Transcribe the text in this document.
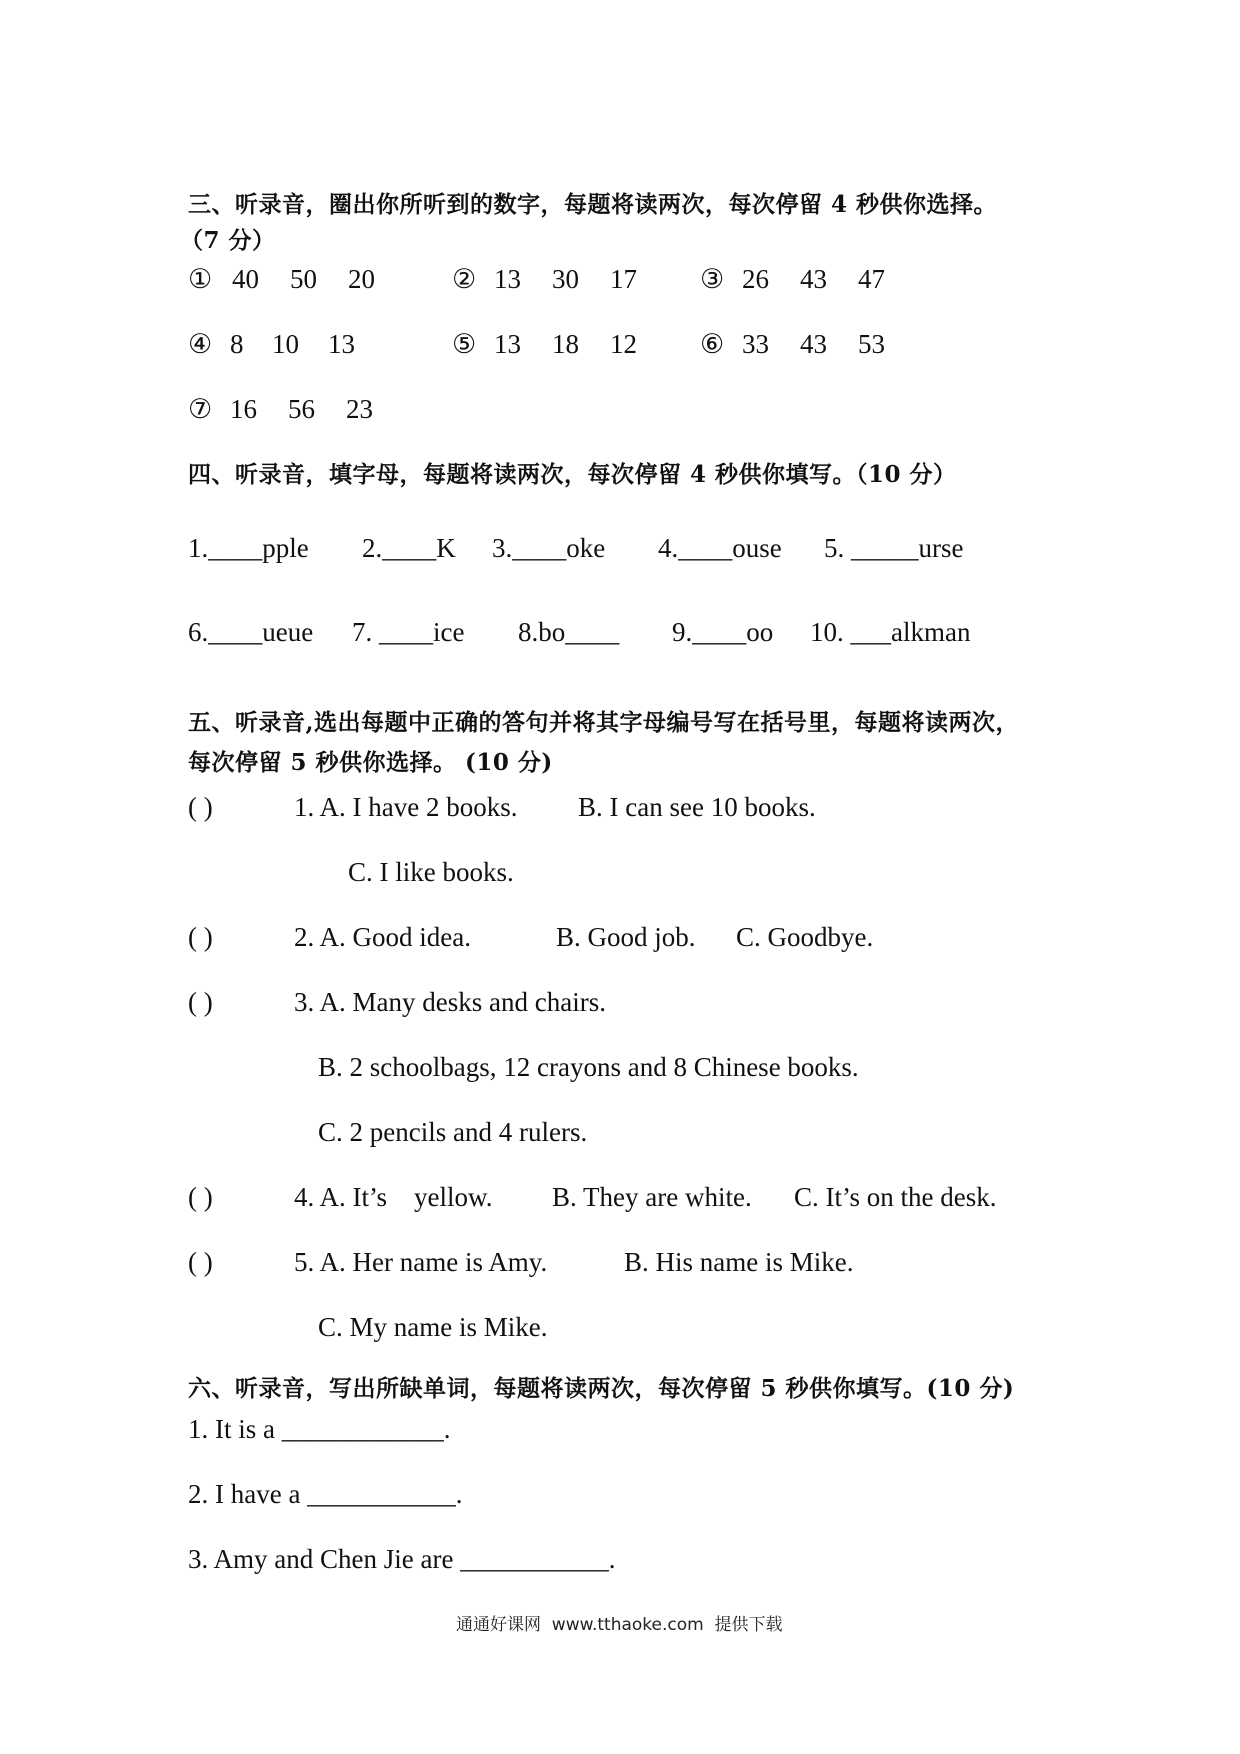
三、听录音，圈出你所听到的数字，每题将读两次，每次停留 4 秒供你选择。
（7 分）
① 40 50 20	② 13 30 17 ③ 26 43 47
④ 8 10 13	⑤ 13 18 12 ⑥ 33 43 53
⑦ 16 56 23
四、听录音，填字母，每题将读两次，每次停留 4 秒供你填写。（10 分）
1.____pple 2.____K 3.____oke 4.____ouse 5. _____urse
6.____ueue 7. ____ice 8.bo____ 9.____oo 10. ___alkman
五、听录音,选出每题中正确的答句并将其字母编号写在括号里，每题将读两次，
每次停留 5 秒供你选择。 (10 分)
( )	1. A. I have 2 books. B. I can see 10 books.
C. I like books.
( )	2. A. Good idea.	B. Good job. C. Goodbye.
( )	3. A. Many desks and chairs.
B. 2 schoolbags, 12 crayons and 8 Chinese books.
C. 2 pencils and 4 rulers.
( )	4. A. It’s    yellow. B. They are white. C. It’s on the desk.
( )	5. A. Her name is Amy.	B. His name is Mike.
C. My name is Mike.
六、听录音，写出所缺单词，每题将读两次，每次停留 5 秒供你填写。(10 分)
1. It is a ____________.
2. I have a ___________.
3. Amy and Chen Jie are ___________.
通通好课网  www.tthaoke.com  提供下载
